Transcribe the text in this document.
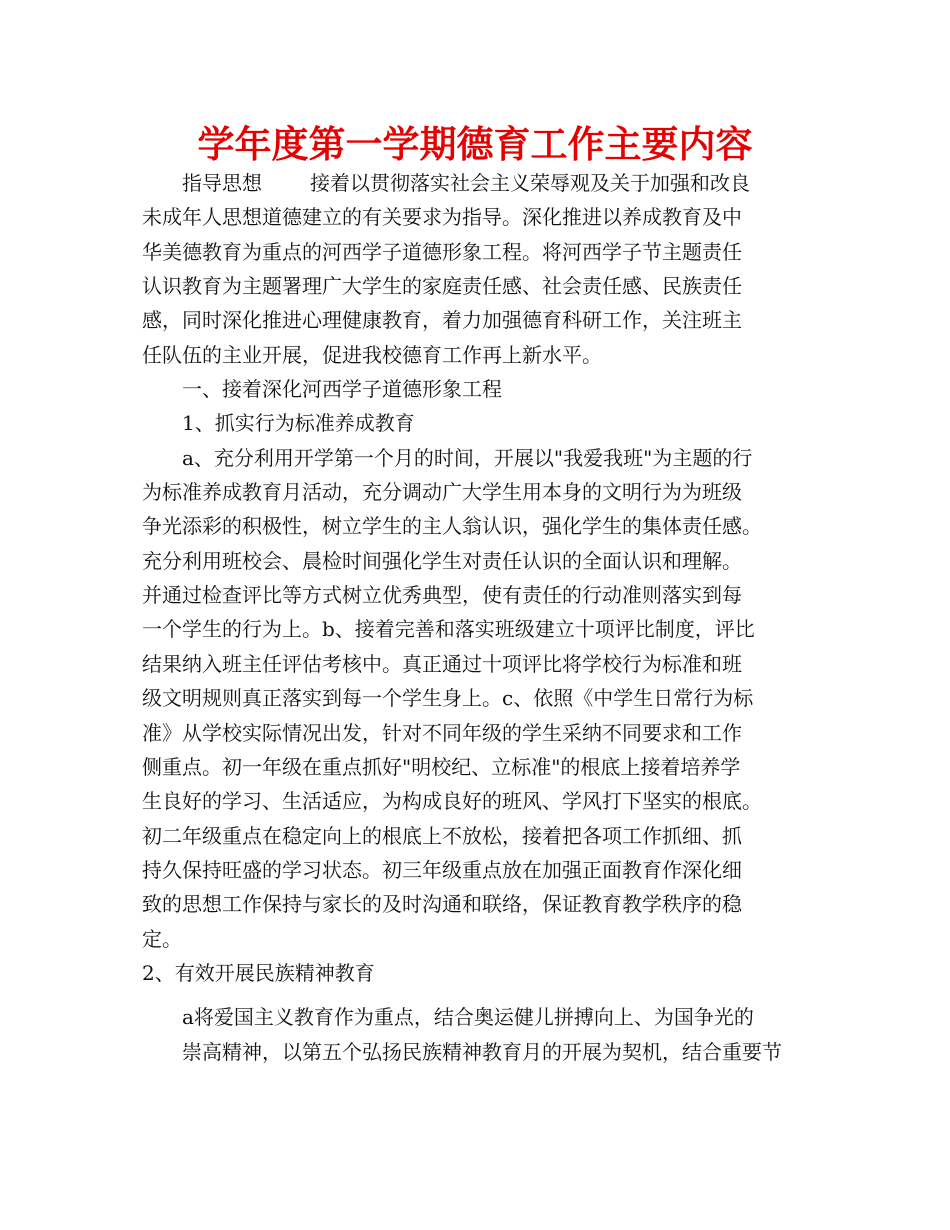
学年度第一学期德育工作主要内容
指导思想 接着以贯彻落实社会主义荣辱观及关于加强和改良
未成年人思想道德建立的有关要求为指导。深化推进以养成教育及中
华美德教育为重点的河西学子道德形象工程。将河西学子节主题责任
认识教育为主题署理广大学生的家庭责任感、社会责任感、民族责任
感，同时深化推进心理健康教育，着力加强德育科研工作，关注班主
任队伍的主业开展，促进我校德育工作再上新水平。
一、接着深化河西学子道德形象工程
1、抓实行为标准养成教育
a、充分利用开学第一个月的时间，开展以"我爱我班"为主题的行
为标准养成教育月活动，充分调动广大学生用本身的文明行为为班级
争光添彩的积极性，树立学生的主人翁认识，强化学生的集体责任感。
充分利用班校会、晨检时间强化学生对责任认识的全面认识和理解。
并通过检查评比等方式树立优秀典型，使有责任的行动准则落实到每
一个学生的行为上。b、接着完善和落实班级建立十项评比制度，评比
结果纳入班主任评估考核中。真正通过十项评比将学校行为标准和班
级文明规则真正落实到每一个学生身上。c、依照《中学生日常行为标
准》从学校实际情况出发，针对不同年级的学生采纳不同要求和工作
侧重点。初一年级在重点抓好"明校纪、立标准"的根底上接着培养学
生良好的学习、生活适应，为构成良好的班风、学风打下坚实的根底。
初二年级重点在稳定向上的根底上不放松，接着把各项工作抓细、抓
持久保持旺盛的学习状态。初三年级重点放在加强正面教育作深化细
致的思想工作保持与家长的及时沟通和联络，保证教育教学秩序的稳
定。
2、有效开展民族精神教育
a将爱国主义教育作为重点，结合奥运健儿拼搏向上、为国争光的
崇高精神，以第五个弘扬民族精神教育月的开展为契机，结合重要节
